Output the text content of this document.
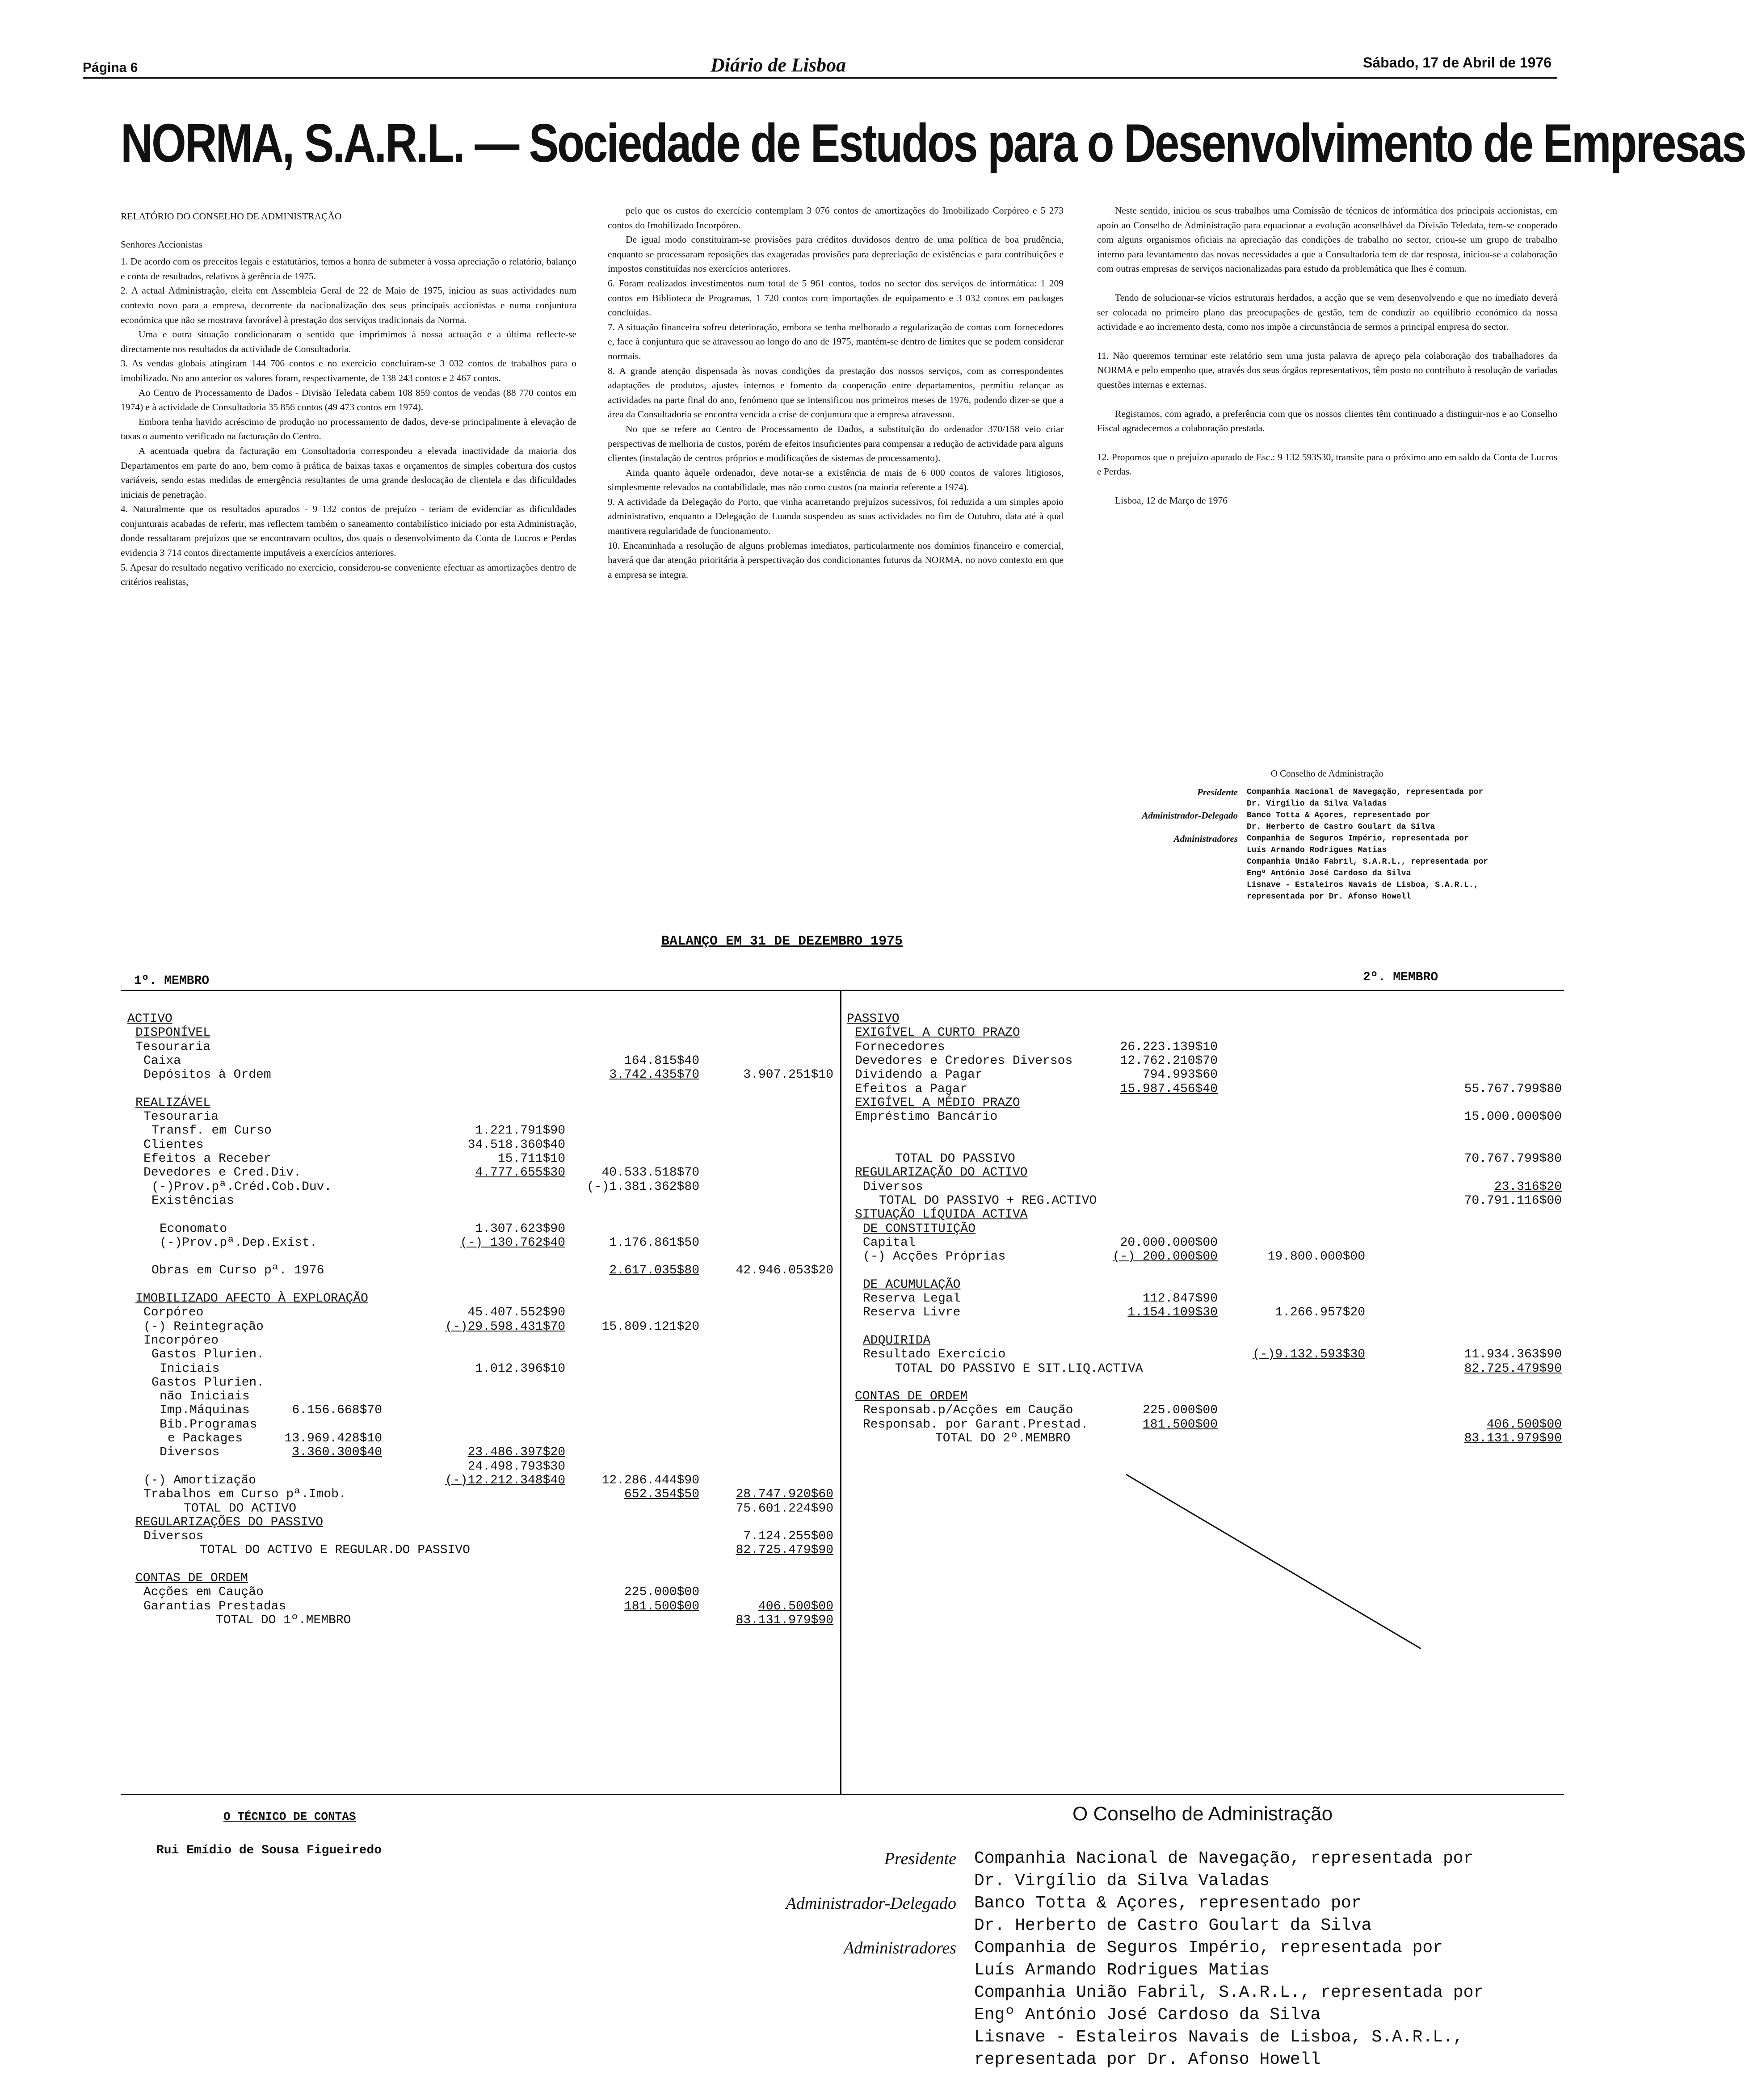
Página 6	Diário de Lisboa	Sábado, 17 de Abril de 1976
NORMA, S.A.R.L. — Sociedade de Estudos para o Desenvolvimento de Empresas

RELATÓRIO DO CONSELHO DE ADMINISTRAÇÃO

Senhores Accionistas

1. De acordo com os preceitos legais e estatutários, temos a honra de submeter à vossa apreciação o relatório, balanço e conta de resultados, relativos à gerência de 1975.

2. A actual Administração, eleita em Assembleia Geral de 22 de Maio de 1975, iniciou as suas actividades num contexto novo para a empresa, decorrente da nacionalização dos seus principais accionistas e numa conjuntura económica que não se mostrava favorável à prestação dos serviços tradicionais da Norma.

Uma e outra situação condicionaram o sentido que imprimimos à nossa actuação e a última reflecte-se directamente nos resultados da actividade de Consultadoria.

3. As vendas globais atingiram 144 706 contos e no exercício concluiram-se 3 032 contos de trabalhos para o imobilizado. No ano anterior os valores foram, respectivamente, de 138 243 contos e 2 467 contos.

Ao Centro de Processamento de Dados - Divisão Teledata cabem 108 859 contos de vendas (88 770 contos em 1974) e à actividade de Consultadoria 35 856 contos (49 473 contos em 1974).

Embora tenha havido acréscimo de produção no processamento de dados, deve-se principalmente à elevação de taxas o aumento verificado na facturação do Centro.

A acentuada quebra da facturação em Consultadoria correspondeu a elevada inactividade da maioria dos Departamentos em parte do ano, bem como à prática de baixas taxas e orçamentos de simples cobertura dos custos variáveis, sendo estas medidas de emergência resultantes de uma grande deslocação de clientela e das dificuldades iniciais de penetração.

4. Naturalmente que os resultados apurados - 9 132 contos de prejuízo - teriam de evidenciar as dificuldades conjunturais acabadas de referir, mas reflectem também o saneamento contabilístico iniciado por esta Administração, donde ressaltaram prejuízos que se encontravam ocultos, dos quais o desenvolvimento da Conta de Lucros e Perdas evidencia 3 714 contos directamente imputáveis a exercícios anteriores.

5. Apesar do resultado negativo verificado no exercício, considerou-se conveniente efectuar as amortizações dentro de critérios realistas,

pelo que os custos do exercício contemplam 3 076 contos de amortizações do Imobilizado Corpóreo e 5 273 contos do Imobilizado Incorpóreo.

De igual modo constituiram-se provisões para créditos duvidosos dentro de uma política de boa prudência, enquanto se processaram reposições das exageradas provisões para depreciação de existências e para contribuições e impostos constituídas nos exercícios anteriores.

6. Foram realizados investimentos num total de 5 961 contos, todos no sector dos serviços de informática: 1 209 contos em Biblioteca de Programas, 1 720 contos com importações de equipamento e 3 032 contos em packages concluídas.

7. A situação financeira sofreu deterioração, embora se tenha melhorado a regularização de contas com fornecedores e, face à conjuntura que se atravessou ao longo do ano de 1975, mantém-se dentro de limites que se podem considerar normais.

8. A grande atenção dispensada às novas condições da prestação dos nossos serviços, com as correspondentes adaptações de produtos, ajustes internos e fomento da cooperação entre departamentos, permitiu relançar as actividades na parte final do ano, fenómeno que se intensificou nos primeiros meses de 1976, podendo dizer-se que a área da Consultadoria se encontra vencida a crise de conjuntura que a empresa atravessou.

No que se refere ao Centro de Processamento de Dados, a substituição do ordenador 370/158 veio criar perspectivas de melhoria de custos, porém de efeitos insuficientes para compensar a redução de actividade para alguns clientes (instalação de centros próprios e modificações de sistemas de processamento).

Ainda quanto àquele ordenador, deve notar-se a existência de mais de 6 000 contos de valores litigiosos, simplesmente relevados na contabilidade, mas não como custos (na maioria referente a 1974).

9. A actividade da Delegação do Porto, que vinha acarretando prejuízos sucessivos, foi reduzida a um simples apoio administrativo, enquanto a Delegação de Luanda suspendeu as suas actividades no fim de Outubro, data até à qual mantivera regularidade de funcionamento.

10. Encaminhada a resolução de alguns problemas imediatos, particularmente nos domínios financeiro e comercial, haverá que dar atenção prioritária à perspectivação dos condicionantes futuros da NORMA, no novo contexto em que a empresa se integra.

Neste sentido, iniciou os seus trabalhos uma Comissão de técnicos de informática dos principais accionistas, em apoio ao Conselho de Administração para equacionar a evolução aconselhável da Divisão Teledata, tem-se cooperado com alguns organismos oficiais na apreciação das condições de trabalho no sector, criou-se um grupo de trabalho interno para levantamento das novas necessidades a que a Consultadoria tem de dar resposta, iniciou-se a colaboração com outras empresas de serviços nacionalizadas para estudo da problemática que lhes é comum.

Tendo de solucionar-se vícios estruturais herdados, a acção que se vem desenvolvendo e que no imediato deverá ser colocada no primeiro plano das preocupações de gestão, tem de conduzir ao equilíbrio económico da nossa actividade e ao incremento desta, como nos impõe a circunstância de sermos a principal empresa do sector.

11. Não queremos terminar este relatório sem uma justa palavra de apreço pela colaboração dos trabalhadores da NORMA e pelo empenho que, através dos seus órgãos representativos, têm posto no contributo à resolução de variadas questões internas e externas.

Registamos, com agrado, a preferência com que os nossos clientes têm continuado a distinguir-nos e ao Conselho Fiscal agradecemos a colaboração prestada.

12. Propomos que o prejuízo apurado de Esc.: 9 132 593$30, transite para o próximo ano em saldo da Conta de Lucros e Perdas.

Lisboa, 12 de Março de 1976

O Conselho de Administração
Presidente	Companhia Nacional de Navegação, representada por
Dr. Virgílio da Silva Valadas
Administrador-Delegado	Banco Totta & Açores, representado por
Dr. Herberto de Castro Goulart da Silva
Administradores	Companhia de Seguros Império, representada por
Luís Armando Rodrigues Matias
Companhia União Fabril, S.A.R.L., representada por
Engº António José Cardoso da Silva
Lisnave - Estaleiros Navais de Lisboa, S.A.R.L.,
representada por Dr. Afonso Howell
BALANÇO EM 31 DE DEZEMBRO 1975
1º. MEMBRO	2º. MEMBRO
ACTIVO
DISPONÍVEL
Tesouraria
Caixa	164.815$40
Depósitos à Ordem	3.742.435$70	3.907.251$10
REALIZÁVEL
Tesouraria
Transf. em Curso	1.221.791$90
Clientes	34.518.360$40
Efeitos a Receber	15.711$10
Devedores e Cred.Div.	4.777.655$30	40.533.518$70
(-)Prov.pª.Créd.Cob.Duv.	(-)1.381.362$80
Existências
Economato	1.307.623$90
(-)Prov.pª.Dep.Exist.	(-) 130.762$40	1.176.861$50
Obras em Curso pª. 1976	2.617.035$80	42.946.053$20
IMOBILIZADO AFECTO À EXPLORAÇÃO
Corpóreo	45.407.552$90
(-) Reintegração	(-)29.598.431$70	15.809.121$20
Incorpóreo
Gastos Plurien.
Iniciais	1.012.396$10
Gastos Plurien.
não Iniciais
Imp.Máquinas	6.156.668$70
Bib.Programas
e Packages	13.969.428$10
Diversos	3.360.300$40	23.486.397$20
24.498.793$30
(-) Amortização	(-)12.212.348$40	12.286.444$90
Trabalhos em Curso pª.Imob.	652.354$50	28.747.920$60
TOTAL DO ACTIVO	75.601.224$90
REGULARIZAÇÕES DO PASSIVO
Diversos	7.124.255$00
TOTAL DO ACTIVO E REGULAR.DO PASSIVO	82.725.479$90
CONTAS DE ORDEM
Acções em Caução	225.000$00
Garantias Prestadas	181.500$00	406.500$00
TOTAL DO 1º.MEMBRO	83.131.979$90
PASSIVO
EXIGÍVEL A CURTO PRAZO
Fornecedores	26.223.139$10
Devedores e Credores Diversos	12.762.210$70
Dividendo a Pagar	794.993$60
Efeitos a Pagar	15.987.456$40	55.767.799$80
EXIGÍVEL A MÉDIO PRAZO
Empréstimo Bancário	15.000.000$00
TOTAL DO PASSIVO	70.767.799$80
REGULARIZAÇÃO DO ACTIVO
Diversos	23.316$20
TOTAL DO PASSIVO + REG.ACTIVO	70.791.116$00
SITUAÇÃO LÍQUIDA ACTIVA
DE CONSTITUIÇÃO
Capital	20.000.000$00
(-) Acções Próprias	(-) 200.000$00	19.800.000$00
DE ACUMULAÇÃO
Reserva Legal	112.847$90
Reserva Livre	1.154.109$30	1.266.957$20
ADQUIRIDA
Resultado Exercício	(-)9.132.593$30	11.934.363$90
TOTAL DO PASSIVO E SIT.LIQ.ACTIVA	82.725.479$90
CONTAS DE ORDEM
Responsab.p/Acções em Caução	225.000$00
Responsab. por Garant.Prestad.	181.500$00	406.500$00
TOTAL DO 2º.MEMBRO	83.131.979$90
O TÉCNICO DE CONTAS
Rui Emídio de Sousa Figueiredo
O Conselho de Administração
Presidente	Companhia Nacional de Navegação, representada por
Dr. Virgílio da Silva Valadas
Administrador-Delegado	Banco Totta & Açores, representado por
Dr. Herberto de Castro Goulart da Silva
Administradores	Companhia de Seguros Império, representada por
Luís Armando Rodrigues Matias
Companhia União Fabril, S.A.R.L., representada por
Engº António José Cardoso da Silva
Lisnave - Estaleiros Navais de Lisboa, S.A.R.L.,
representada por Dr. Afonso Howell
